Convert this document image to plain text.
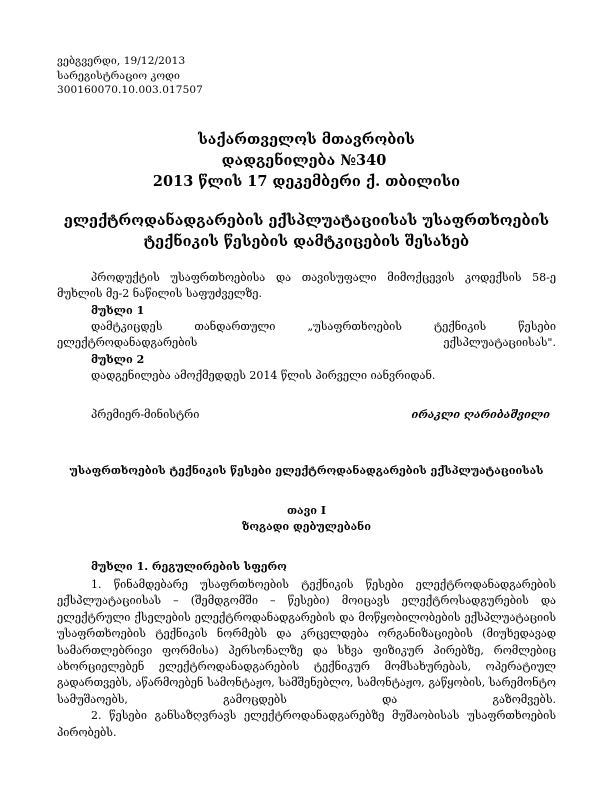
ვებგვერდი, 19/12/2013
სარეგისტრაციო კოდი
300160070.10.003.017507
საქართველოს მთავრობის
დადგენილება №340
2013 წლის 17 დეკემბერი ქ. თბილისი
ელექტროდანადგარების ექსპლუატაციისას უსაფრთხოების
ტექნიკის წესების დამტკიცების შესახებ

პროდუქტის უსაფრთხოებისა და თავისუფალი მიმოქცევის კოდექსის 58-ე მუხლის მე-2 ნაწილის საფუძველზე.

მუხლი 1

დამტკიცდეს თანდართული „უსაფრთხოების ტექნიკის წესები ელექტროდანადგარების ექსპლუატაციისას".

მუხლი 2

დადგენილება ამოქმედდეს 2014 წლის პირველი იანვრიდან.

პრემიერ-მინისტრი	ირაკლი ღარიბაშვილი
უსაფრთხოების ტექნიკის წესები ელექტროდანადგარების ექსპლუატაციისას
თავი I
ზოგადი დებულებანი
მუხლი 1. რეგულირების სფერო

1. წინამდებარე უსაფრთხოების ტექნიკის წესები ელექტროდანადგარების ექსპლუატაციისას – (შემდგომში – წესები) მოიცავს ელექტროსადგურების და ელექტრული ქსელების ელექტროდანადგარების და მოწყობილობების ექსპლუატაციის უსაფრთხოების ტექნიკის ნორმებს და კრცელდება ორგანიზაციების (მიუხედავად სამართლებრივი ფორმისა) პერსონალზე და სხვა ფიზიკურ პირებზე, რომლებიც ახორციელებენ ელექტროდანადგარების ტექნიკურ მომსახურებას, ოპერატიულ გადართვებს, აწარმოებენ სამონტაჟო, სამშენებლო, სამონტაჟო, გაწყობის, სარემონტო სამუშაოებს, გამოცდებს და გაზომვებს.

2. წესები განსაზღვრავს ელექტროდანადგარებზე მუშაობისას უსაფრთხოების პირობებს.
